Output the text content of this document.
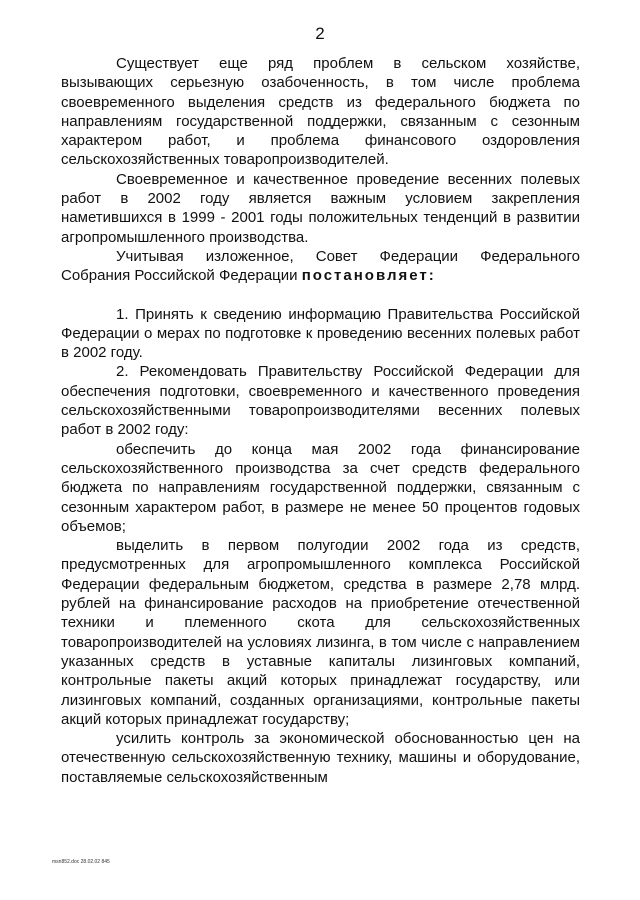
2

Существует еще ряд проблем в сельском хозяйстве, вызывающих серьезную озабоченность, в том числе проблема своевременного выделения средств из федерального бюджета по направлениям государственной поддержки, связанным с сезонным характером работ, и проблема финансового оздоровления сельскохозяйственных товаропроизводителей.

Своевременное и качественное проведение весенних полевых работ в 2002 году является важным условием закрепления наметившихся в 1999 - 2001 годы положительных тенденций в развитии агропромышленного производства.

Учитывая изложенное, Совет Федерации Федерального Собрания Российской Федерации постановляет:

1. Принять к сведению информацию Правительства Российской Федерации о мерах по подготовке к проведению весенних полевых работ в 2002 году.

2. Рекомендовать Правительству Российской Федерации для обеспечения подготовки, своевременного и качественного проведения сельскохозяйственными товаропроизводителями весенних полевых работ в 2002 году:

обеспечить до конца мая 2002 года финансирование сельскохозяйственного производства за счет средств федерального бюджета по направлениям государственной поддержки, связанным с сезонным характером работ, в размере не менее 50 процентов годовых объемов;

выделить в первом полугодии 2002 года из средств, предусмотренных для агропромышленного комплекса Российской Федерации федеральным бюджетом, средства в размере 2,78 млрд. рублей на финансирование расходов на приобретение отечественной техники и племенного скота для сельскохозяйственных товаропроизводителей на условиях лизинга, в том числе с направлением указанных средств в уставные капиталы лизинговых компаний, контрольные пакеты акций которых принадлежат государству, или лизинговых компаний, созданных организациями, контрольные пакеты акций которых принадлежат государству;

усилить контроль за экономической обоснованностью цен на отечественную сельскохозяйственную технику, машины и оборудование, поставляемые сельскохозяйственным

msn852.doc 28.02.02 845
